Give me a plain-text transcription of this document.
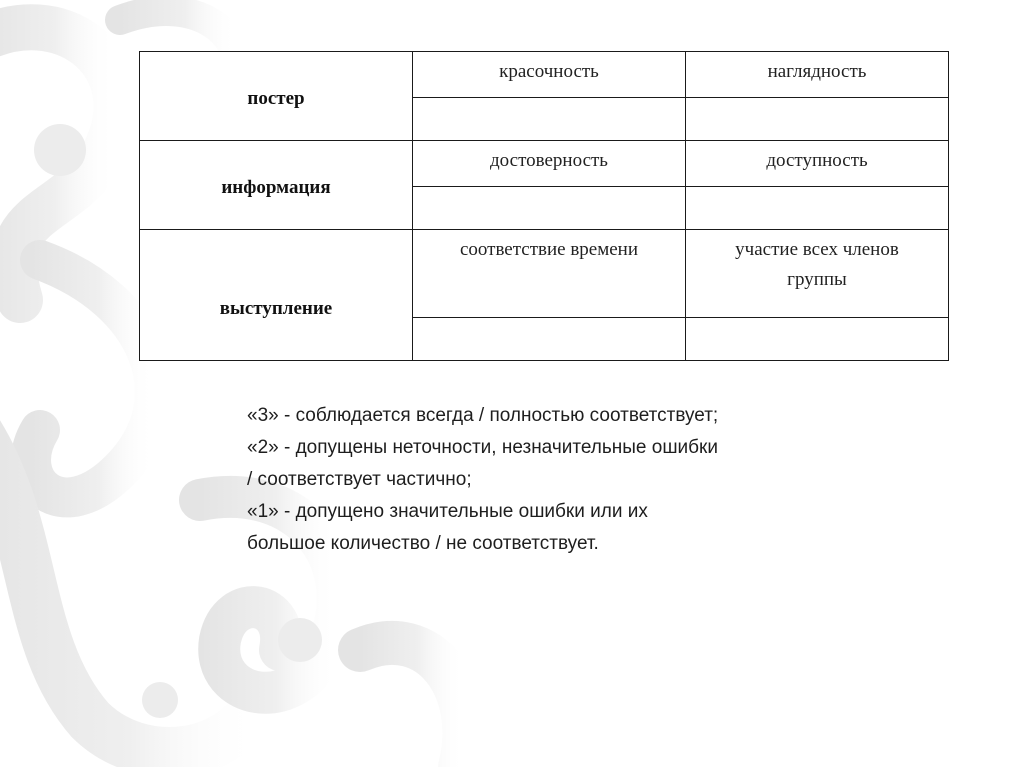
постер	красочность	наглядность

информация	достоверность	доступность

выступление	соответствие времени	участие всех членов группы

«3» - соблюдается всегда / полностью соответствует;
«2» - допущены неточности, незначительные ошибки
/ соответствует частично;
«1» - допущено значительные ошибки или их
большое количество / не соответствует.
